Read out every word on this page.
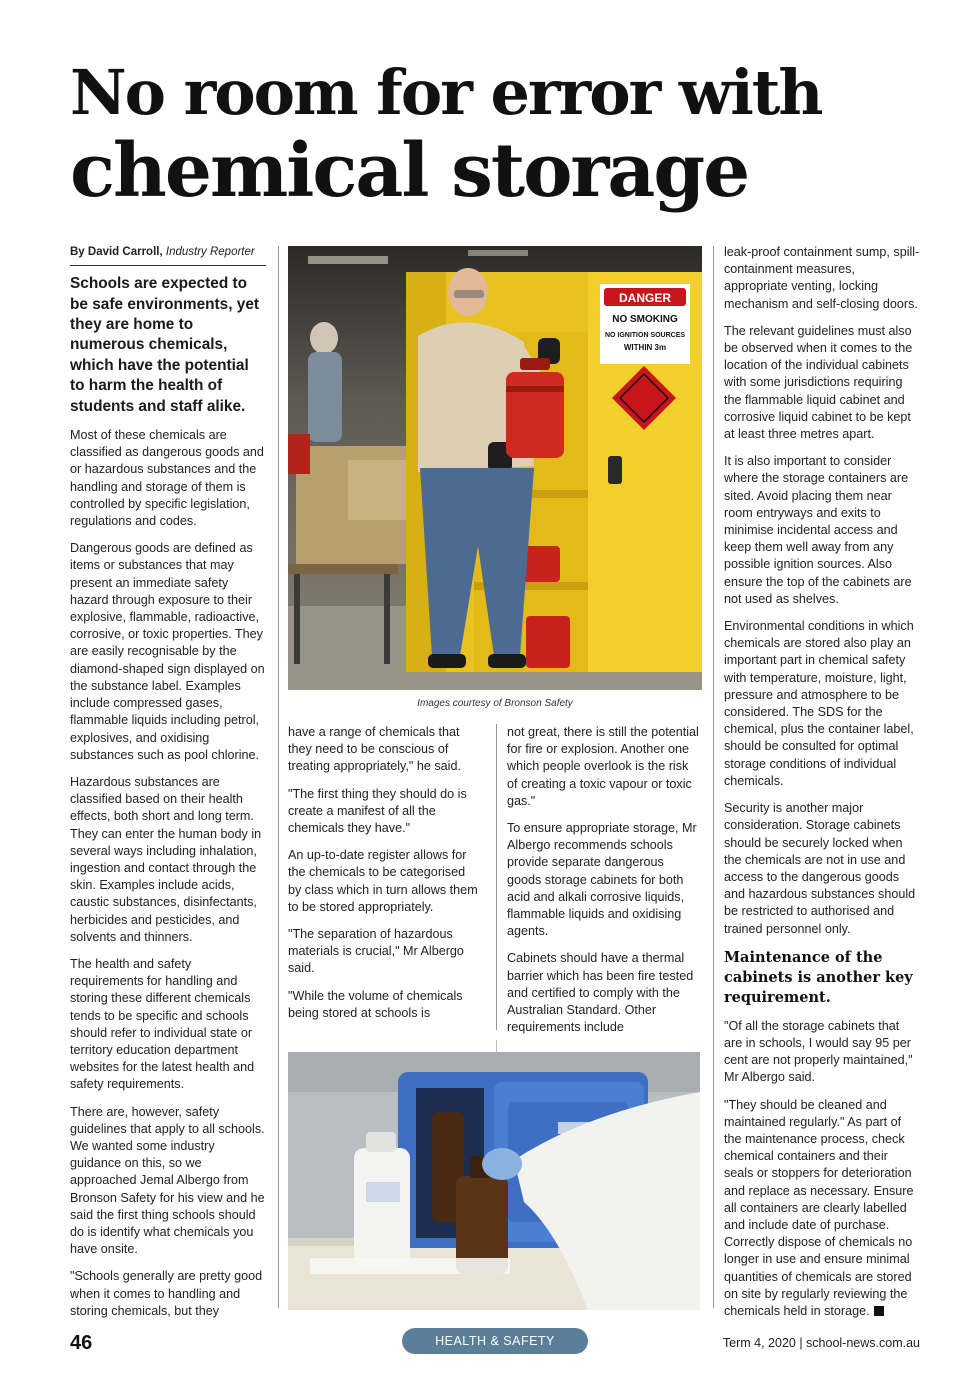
No room for error with
chemical storage
By David Carroll, Industry Reporter

Schools are expected to be safe environments, yet they are home to numerous chemicals, which have the potential to harm the health of students and staff alike.

Most of these chemicals are classified as dangerous goods and or hazardous substances and the handling and storage of them is controlled by specific legislation, regulations and codes.

Dangerous goods are defined as items or substances that may present an immediate safety hazard through exposure to their explosive, flammable, radioactive, corrosive, or toxic properties. They are easily recognisable by the diamond-shaped sign displayed on the substance label. Examples include compressed gases, flammable liquids including petrol, explosives, and oxidising substances such as pool chlorine.

Hazardous substances are classified based on their health effects, both short and long term. They can enter the human body in several ways including inhalation, ingestion and contact through the skin. Examples include acids, caustic substances, disinfectants, herbicides and pesticides, and solvents and thinners.

The health and safety requirements for handling and storing these different chemicals tends to be specific and schools should refer to individual state or territory education department websites for the latest health and safety requirements.

There are, however, safety guidelines that apply to all schools. We wanted some industry guidance on this, so we approached Jemal Albergo from Bronson Safety for his view and he said the first thing schools should do is identify what chemicals you have onsite.

"Schools generally are pretty good when it comes to handling and storing chemicals, but they

DANGER
NO SMOKING
NO IGNITION SOURCES
WITHIN 3m
Images courtesy of Bronson Safety

have a range of chemicals that they need to be conscious of treating appropriately," he said.

"The first thing they should do is create a manifest of all the chemicals they have."

An up-to-date register allows for the chemicals to be categorised by class which in turn allows them to be stored appropriately.

"The separation of hazardous materials is crucial," Mr Albergo said.

"While the volume of chemicals being stored at schools is

not great, there is still the potential for fire or explosion. Another one which people overlook is the risk of creating a toxic vapour or toxic gas."

To ensure appropriate storage, Mr Albergo recommends schools provide separate dangerous goods storage cabinets for both acid and alkali corrosive liquids, flammable liquids and oxidising agents.

Cabinets should have a thermal barrier which has been fire tested and certified to comply with the Australian Standard. Other requirements include

leak-proof containment sump, spill-containment measures, appropriate venting, locking mechanism and self-closing doors.

The relevant guidelines must also be observed when it comes to the location of the individual cabinets with some jurisdictions requiring the flammable liquid cabinet and corrosive liquid cabinet to be kept at least three metres apart.

It is also important to consider where the storage containers are sited. Avoid placing them near room entryways and exits to minimise incidental access and keep them well away from any possible ignition sources. Also ensure the top of the cabinets are not used as shelves.

Environmental conditions in which chemicals are stored also play an important part in chemical safety with temperature, moisture, light, pressure and atmosphere to be considered. The SDS for the chemical, plus the container label, should be consulted for optimal storage conditions of individual chemicals.

Security is another major consideration. Storage cabinets should be securely locked when the chemicals are not in use and access to the dangerous goods and hazardous substances should be restricted to authorised and trained personnel only.

Maintenance of the cabinets is another key requirement.

"Of all the storage cabinets that are in schools, I would say 95 per cent are not properly maintained," Mr Albergo said.

"They should be cleaned and maintained regularly." As part of the maintenance process, check chemical containers and their seals or stoppers for deterioration and replace as necessary. Ensure all containers are clearly labelled and include date of purchase. Correctly dispose of chemicals no longer in use and ensure minimal quantities of chemicals are stored on site by regularly reviewing the chemicals held in storage.

46	HEALTH & SAFETY	Term 4, 2020 | school-news.com.au
